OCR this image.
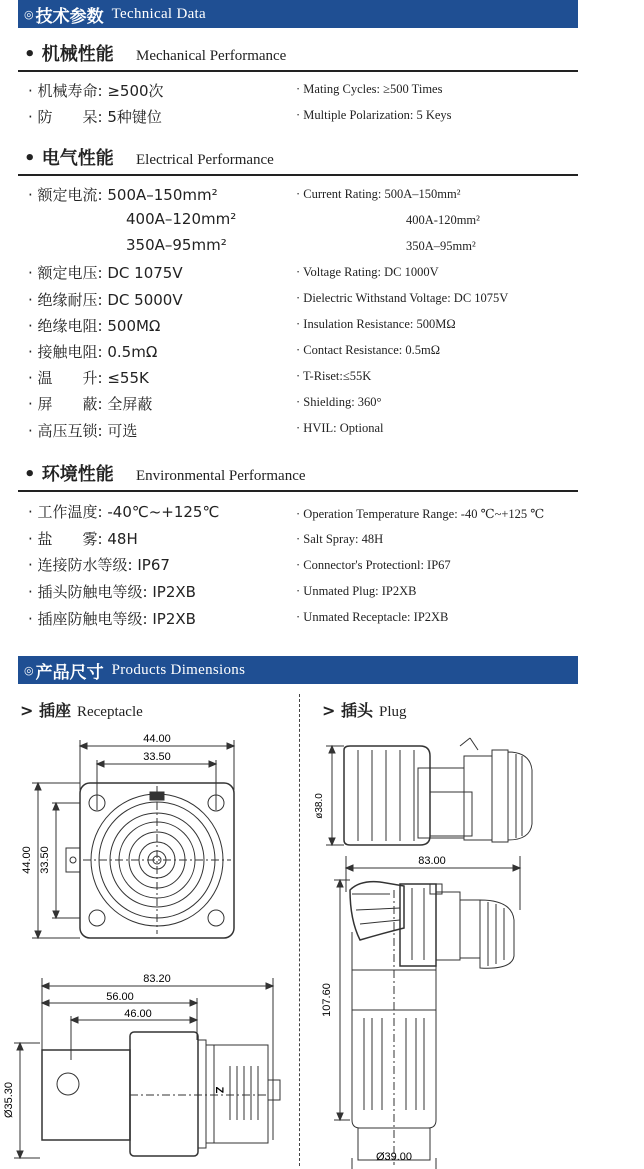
◎ 技术参数 Technical Data
• 机械性能 Mechanical Performance
· 机械寿命: ≥500次	· Mating Cycles: ≥500 Times
· 防　　呆: 5种键位	· Multiple Polarization: 5 Keys
• 电气性能 Electrical Performance
· 额定电流: 500A–150mm²	· Current Rating: 500A–150mm²
400A–120mm²	400A-120mm²
350A–95mm²	350A–95mm²
· 额定电压: DC 1075V	· Voltage Rating: DC 1000V
· 绝缘耐压: DC 5000V	· Dielectric Withstand Voltage: DC 1075V
· 绝缘电阻: 500MΩ	· Insulation Resistance: 500MΩ
· 接触电阻: 0.5mΩ	· Contact Resistance: 0.5mΩ
· 温　　升: ≤55K	· T-Riset:≤55K
· 屏　　蔽: 全屏蔽	· Shielding: 360°
· 高压互锁: 可选	· HVIL: Optional
• 环境性能 Environmental Performance
· 工作温度: -40℃~+125℃	· Operation Temperature Range: -40 ℃~+125 ℃
· 盐　　雾: 48H	· Salt Spray: 48H
· 连接防水等级: IP67	· Connector's Protectionl: IP67
· 插头防触电等级: IP2XB	· Unmated Plug: IP2XB
· 插座防触电等级: IP2XB	· Unmated Receptacle: IP2XB
◎ 产品尺寸 Products Dimensions
> 插座 Receptacle	> 插头 Plug
44.00
33.50
44.00 33.50
83.20
56.00
46.00
Ø35.30	Z
ø38.0
83.00
107.60
Ø39.00
